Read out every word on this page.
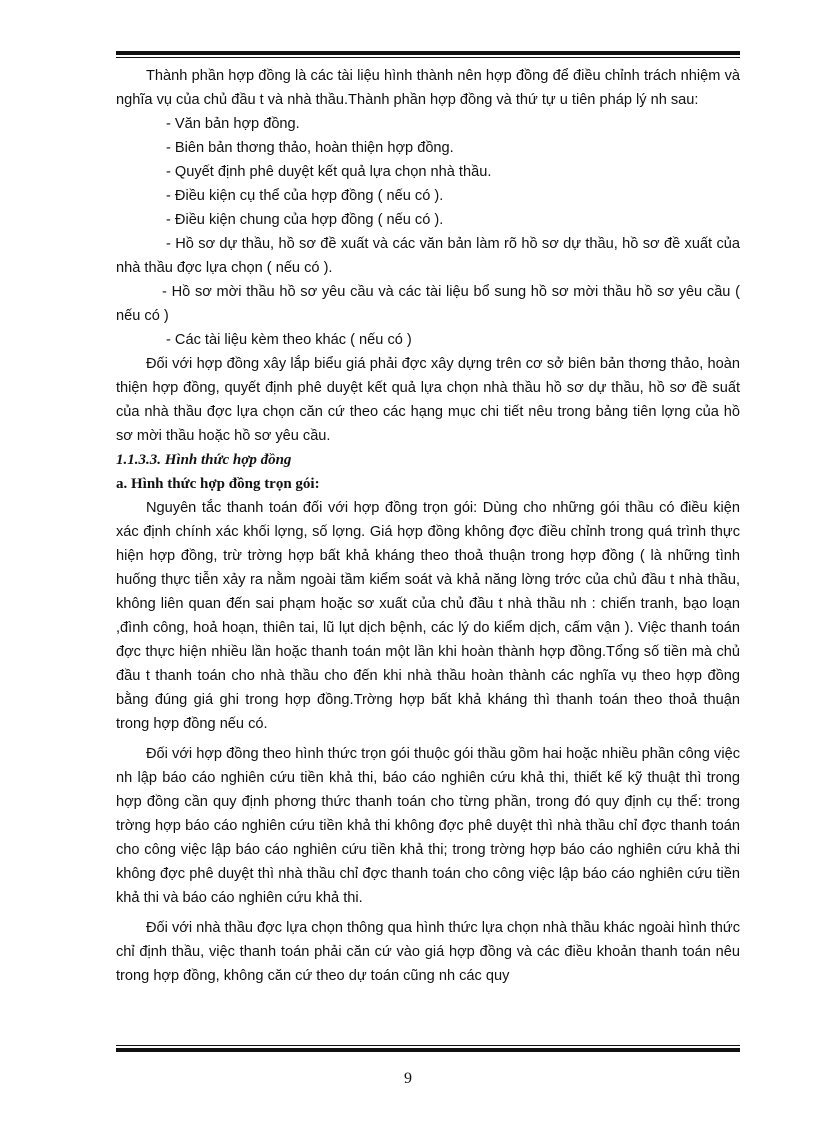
Thành phần hợp đồng là các tài liệu hình thành nên hợp đồng để điều chỉnh trách nhiệm và nghĩa vụ của chủ đầu t và nhà thầu.Thành phần hợp đồng và thứ tự u tiên pháp lý nh sau:

- Văn bản hợp đồng.

- Biên bản thơng thảo, hoàn thiện hợp đồng.

- Quyết định phê duyệt kết quả lựa chọn nhà thầu.

- Điều kiện cụ thể của hợp đồng ( nếu có ).

- Điều kiện chung của hợp đồng ( nếu có ).

- Hồ sơ dự thầu, hồ sơ đề xuất và các văn bản làm rõ hồ sơ dự thầu, hồ sơ đề xuất của nhà thầu đợc lựa chọn ( nếu có ).

- Hồ sơ mời thầu hồ sơ yêu cầu và các tài liệu bổ sung hồ sơ mời thầu hồ sơ yêu cầu ( nếu có )

- Các tài liệu kèm theo khác ( nếu có )

Đối với hợp đồng xây lắp biểu giá phải đợc xây dựng trên cơ sở biên bản thơng thảo, hoàn thiện hợp đồng, quyết định phê duyệt kết quả lựa chọn nhà thầu hồ sơ dự thầu, hồ sơ đề suất của nhà thầu đợc lựa chọn căn cứ theo các hạng mục chi tiết nêu trong bảng tiên lợng của hồ sơ mời thầu hoặc hồ sơ yêu cầu.

1.1.3.3. Hình thức hợp đồng

a. Hình thức hợp đồng trọn gói:

Nguyên tắc thanh toán đối với hợp đồng trọn gói: Dùng cho những gói thầu có điều kiện xác định chính xác khối lợng, số lợng. Giá hợp đồng không đợc điều chỉnh trong quá trình thực hiện hợp đồng, trừ trờng hợp bất khả kháng theo thoả thuận trong hợp đồng ( là những tình huống thực tiễn xảy ra nằm ngoài tầm kiểm soát và khả năng lờng trớc của chủ đầu t nhà thầu, không liên quan đến sai phạm hoặc sơ xuất của chủ đầu t nhà thầu nh : chiến tranh, bạo loạn ,đình công, hoả hoạn, thiên tai, lũ lụt dịch bệnh, các lý do kiểm dịch, cấm vận ). Việc thanh toán đợc thực hiện nhiều lần hoặc thanh toán một lần khi hoàn thành hợp đồng.Tổng số tiền mà chủ đầu t thanh toán cho nhà thầu cho đến khi nhà thầu hoàn thành các nghĩa vụ theo hợp đồng bằng đúng giá ghi trong hợp đồng.Trờng hợp bất khả kháng thì thanh toán theo thoả thuận trong hợp đồng nếu có.

Đối với hợp đồng theo hình thức trọn gói thuộc gói thầu gồm hai hoặc nhiều phần công việc nh lập báo cáo nghiên cứu tiền khả thi, báo cáo nghiên cứu khả thi, thiết kế kỹ thuật thì trong hợp đồng cần quy định phơng thức thanh toán cho từng phần, trong đó quy định cụ thể: trong trờng hợp báo cáo nghiên cứu tiền khả thi không đợc phê duyệt thì nhà thầu chỉ đợc thanh toán cho công việc lập báo cáo nghiên cứu tiền khả thi; trong trờng hợp báo cáo nghiên cứu khả thi không đợc phê duyệt thì nhà thầu chỉ đợc thanh toán cho công việc lập báo cáo nghiên cứu tiền khả thi và báo cáo nghiên cứu khả thi.

Đối với nhà thầu đợc lựa chọn thông qua hình thức lựa chọn nhà thầu khác ngoài hình thức chỉ định thầu, việc thanh toán phải căn cứ vào giá hợp đồng và các điều khoản thanh toán nêu trong hợp đồng, không căn cứ theo dự toán cũng nh các quy

9
